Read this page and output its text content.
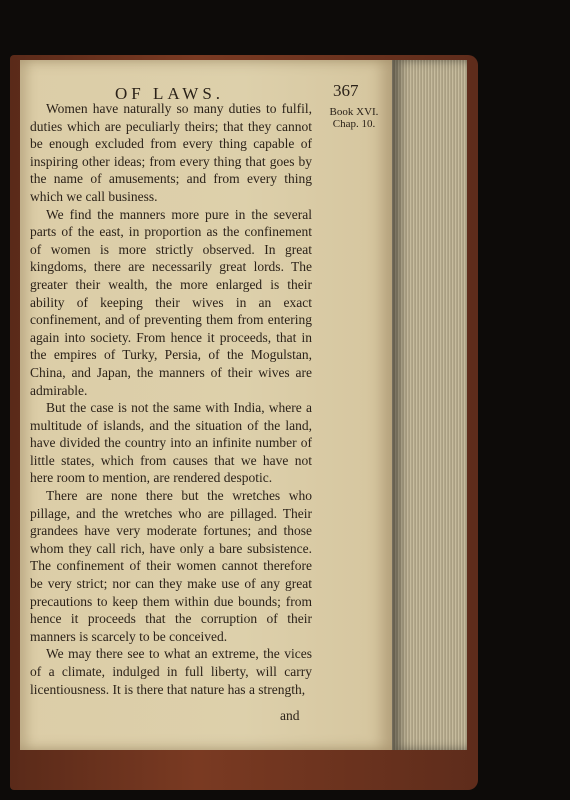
OF LAWS.	367
Book XVI.
Chap. 10.

Women have naturally so many duties to fulfil, duties which are peculiarly theirs; that they cannot be enough excluded from every thing capable of inspiring other ideas; from every thing that goes by the name of amusements; and from every thing which we call business.

We find the manners more pure in the several parts of the east, in proportion as the confinement of women is more strictly observed. In great kingdoms, there are necessarily great lords. The greater their wealth, the more enlarged is their ability of keeping their wives in an exact confinement, and of preventing them from entering again into society. From hence it proceeds, that in the empires of Turky, Persia, of the Mogulstan, China, and Japan, the manners of their wives are admirable.

But the case is not the same with India, where a multitude of islands, and the situation of the land, have divided the country into an infinite number of little states, which from causes that we have not here room to mention, are rendered despotic.

There are none there but the wretches who pillage, and the wretches who are pillaged. Their grandees have very moderate fortunes; and those whom they call rich, have only a bare subsistence. The confinement of their women cannot therefore be very strict; nor can they make use of any great precautions to keep them within due bounds; from hence it proceeds that the corruption of their manners is scarcely to be conceived.

We may there see to what an extreme, the vices of a climate, indulged in full liberty, will carry licentiousness. It is there that nature has a strength,

and
